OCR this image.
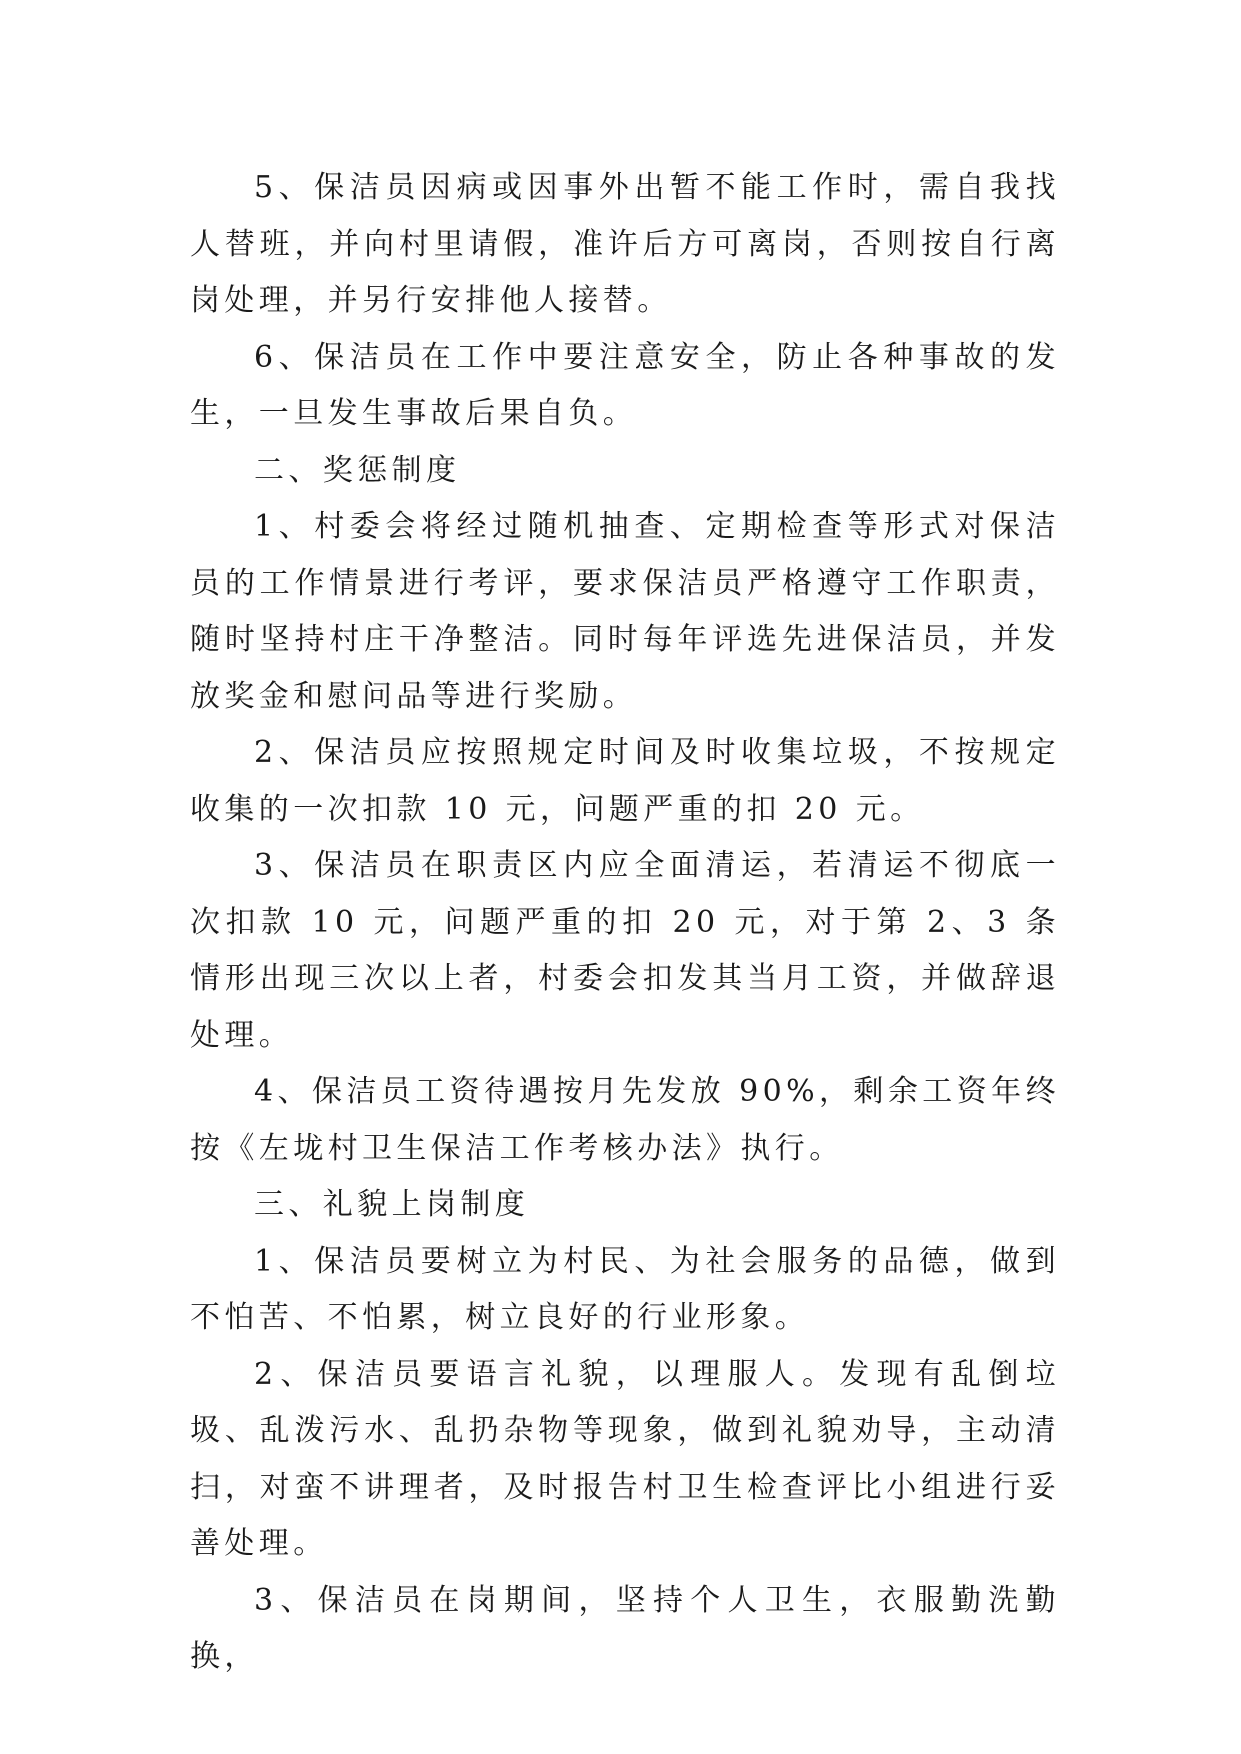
5、保洁员因病或因事外出暂不能工作时，需自我找人替班，并向村里请假，准许后方可离岗，否则按自行离岗处理，并另行安排他人接替。

6、保洁员在工作中要注意安全，防止各种事故的发生，一旦发生事故后果自负。

二、奖惩制度

1、村委会将经过随机抽查、定期检查等形式对保洁员的工作情景进行考评，要求保洁员严格遵守工作职责，随时坚持村庄干净整洁。同时每年评选先进保洁员，并发放奖金和慰问品等进行奖励。

2、保洁员应按照规定时间及时收集垃圾，不按规定收集的一次扣款 10 元，问题严重的扣 20 元。

3、保洁员在职责区内应全面清运，若清运不彻底一次扣款 10 元，问题严重的扣 20 元，对于第 2、3 条情形出现三次以上者，村委会扣发其当月工资，并做辞退处理。

4、保洁员工资待遇按月先发放 90%，剩余工资年终按《左垅村卫生保洁工作考核办法》执行。

三、礼貌上岗制度

1、保洁员要树立为村民、为社会服务的品德，做到不怕苦、不怕累，树立良好的行业形象。

2、保洁员要语言礼貌，以理服人。发现有乱倒垃圾、乱泼污水、乱扔杂物等现象，做到礼貌劝导，主动清扫，对蛮不讲理者，及时报告村卫生检查评比小组进行妥善处理。

3、保洁员在岗期间，坚持个人卫生，衣服勤洗勤换，
